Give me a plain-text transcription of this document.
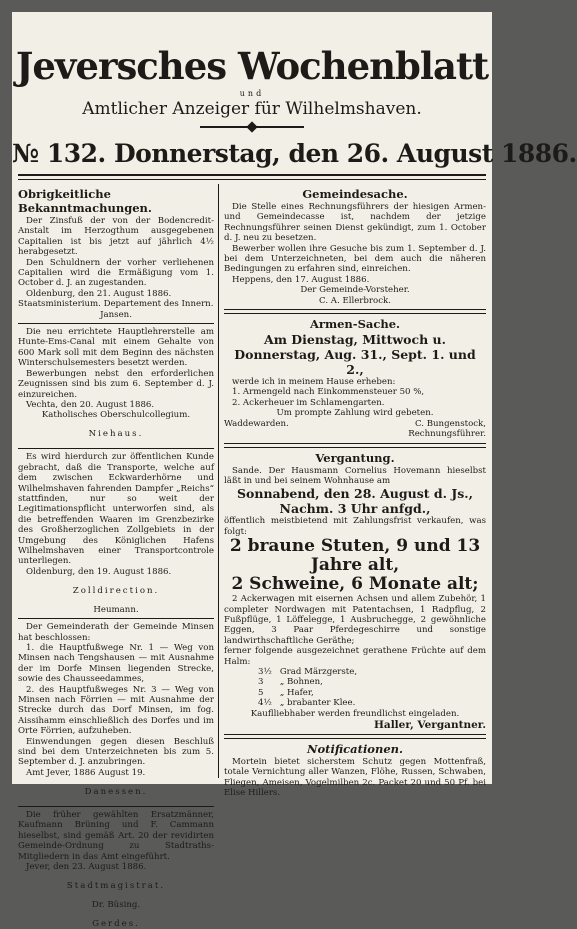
Jeversches Wochenblatt
und
Amtlicher Anzeiger für Wilhelmshaven.
№ 132. Donnerstag, den 26. August 1886.
Obrigkeitliche Bekanntmachungen.

Der Zinsfuß der von der Bodencredit-Anstalt im Herzogthum ausgegebenen Capitalien ist bis jetzt auf jährlich 4½ herabgesetzt.

Den Schuldnern der vorher verliehenen Capitalien wird die Ermäßigung vom 1. October d. J. an zugestanden.

Oldenburg, den 21. August 1886.

Staatsministerium. Departement des Innern.

Jansen.

Die neu errichtete Hauptlehrerstelle am Hunte-Ems-Canal mit einem Gehalte von 600 Mark soll mit dem Beginn des nächsten Winterschulsemesters besetzt werden.

Bewerbungen nebst den erforderlichen Zeugnissen sind bis zum 6. September d. J. einzureichen.

Vechta, den 20. August 1886.

Katholisches Oberschulcollegium.

Niehaus.

Es wird hierdurch zur öffentlichen Kunde gebracht, daß die Transporte, welche auf dem zwischen Eckwarderhörne und Wilhelmshaven fahrenden Dampfer „Reichs“ stattfinden, nur so weit der Legitimationspflicht unterworfen sind, als die betreffenden Waaren im Grenzbezirke des Großherzoglichen Zollgebiets in der Umgebung des Königlichen Hafens Wilhelmshaven einer Transportcontrole unterliegen.

Oldenburg, den 19. August 1886.

Zolldirection.

Heumann.

Der Gemeinderath der Gemeinde Minsen hat beschlossen:

1. die Hauptfußwege Nr. 1 — Weg von Minsen nach Tengshausen — mit Ausnahme der im Dorfe Minsen liegenden Strecke, sowie des Chausseedammes,

2. des Hauptfußweges Nr. 3 — Weg von Minsen nach Förrien — mit Ausnahme der Strecke durch das Dorf Minsen, im fog. Aissihamm einschließlich des Dorfes und im Orte Förrien, aufzuheben.

Einwendungen gegen diesen Beschluß sind bei dem Unterzeichneten bis zum 5. September d. J. anzubringen.

Amt Jever, 1886 August 19.

Danessen.

Die früher gewählten Ersatzmänner, Kaufmann Brüning und F. Cammann hieselbst, sind gemäß Art. 20 der revidirten Gemeinde-Ordnung zu Stadtraths-Mitgliedern in das Amt eingeführt.

Jever, den 23. August 1886.

Stadtmagistrat.

Dr. Büsing.

Gerdes.

Gemeindesache.

Die Stelle eines Rechnungsführers der hiesigen Armen- und Gemeindecasse ist, nachdem der jetzige Rechnungsführer seinen Dienst gekündigt, zum 1. October d. J. neu zu besetzen.

Bewerber wollen ihre Gesuche bis zum 1. September d. J. bei dem Unterzeichneten, bei dem auch die näheren Bedingungen zu erfahren sind, einreichen.

Heppens, den 17. August 1886.

Der Gemeinde-Vorsteher.

C. A. Ellerbrock.

Armen-Sache.
Am Dienstag, Mittwoch u. Donnerstag, Aug. 31., Sept. 1. und 2.,

werde ich in meinem Hause erheben:

1. Armengeld nach Einkommensteuer 50 %,

2. Ackerheuer im Schlamengarten.

Um prompte Zahlung wird gebeten.

Waddewarden.	C. Bungenstock,

Rechnungsführer.

Vergantung.

Sande. Der Hausmann Cornelius Hovemann hieselbst läßt in und bei seinem Wohnhause am

Sonnabend, den 28. August d. Js., Nachm. 3 Uhr anfgd.,

öffentlich meistbietend mit Zahlungsfrist verkaufen, was folgt:

2 braune Stuten, 9 und 13 Jahre alt,
2 Schweine, 6 Monate alt;

2 Ackerwagen mit eisernen Achsen und allem Zubehör, 1 completer Nordwagen mit Patentachsen, 1 Radpflug, 2 Fußpflüge, 1 Löffelegge, 1 Ausbruchegge, 2 gewöhnliche Eggen, 3 Paar Pferdegeschirre und sonstige landwirthschaftliche Geräthe;

ferner folgende ausgezeichnet gerathene Früchte auf dem Halm:

3½	Grad Märzgerste,
3	„ Bohnen,
5	„ Hafer,
4½	„ brabanter Klee.

Kauflliebhaber werden freundlichst eingeladen.

Haller, Vergantner.

Notificationen.

Mortein bietet sicherstem Schutz gegen Mottenfraß, totale Vernichtung aller Wanzen, Flöhe, Russen, Schwaben, Fliegen, Ameisen, Vogelmilben 2c. Packet 20 und 50 Pf. bei Elise Hillers.
